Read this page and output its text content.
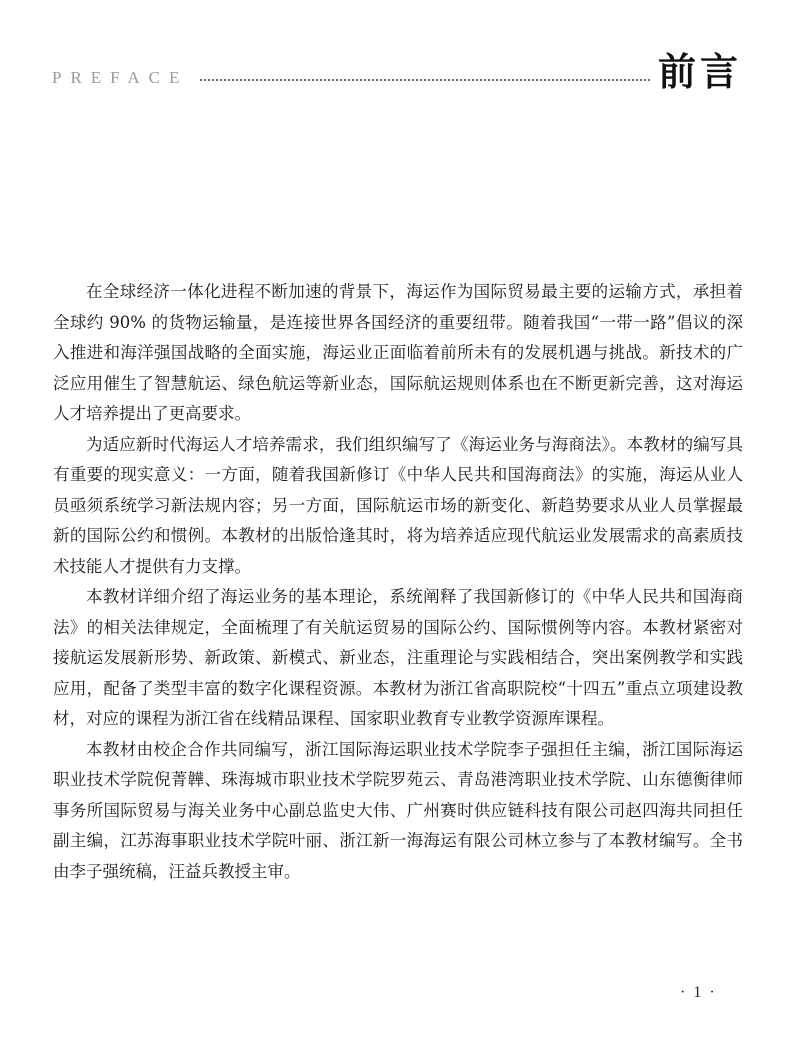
PREFACE	前言

在全球经济一体化进程不断加速的背景下，海运作为国际贸易最主要的运输方式，承担着全球约 90% 的货物运输量，是连接世界各国经济的重要纽带。随着我国“一带一路”倡议的深入推进和海洋强国战略的全面实施，海运业正面临着前所未有的发展机遇与挑战。新技术的广泛应用催生了智慧航运、绿色航运等新业态，国际航运规则体系也在不断更新完善，这对海运人才培养提出了更高要求。

为适应新时代海运人才培养需求，我们组织编写了《海运业务与海商法》。本教材的编写具有重要的现实意义：一方面，随着我国新修订《中华人民共和国海商法》的实施，海运从业人员亟须系统学习新法规内容；另一方面，国际航运市场的新变化、新趋势要求从业人员掌握最新的国际公约和惯例。本教材的出版恰逢其时，将为培养适应现代航运业发展需求的高素质技术技能人才提供有力支撑。

本教材详细介绍了海运业务的基本理论，系统阐释了我国新修订的《中华人民共和国海商法》的相关法律规定，全面梳理了有关航运贸易的国际公约、国际惯例等内容。本教材紧密对接航运发展新形势、新政策、新模式、新业态，注重理论与实践相结合，突出案例教学和实践应用，配备了类型丰富的数字化课程资源。本教材为浙江省高职院校“十四五”重点立项建设教材，对应的课程为浙江省在线精品课程、国家职业教育专业教学资源库课程。

本教材由校企合作共同编写，浙江国际海运职业技术学院李子强担任主编，浙江国际海运职业技术学院倪菁韡、珠海城市职业技术学院罗苑云、青岛港湾职业技术学院、山东德衡律师事务所国际贸易与海关业务中心副总监史大伟、广州赛时供应链科技有限公司赵四海共同担任副主编，江苏海事职业技术学院叶丽、浙江新一海海运有限公司林立参与了本教材编写。全书由李子强统稿，汪益兵教授主审。

· 1 ·
